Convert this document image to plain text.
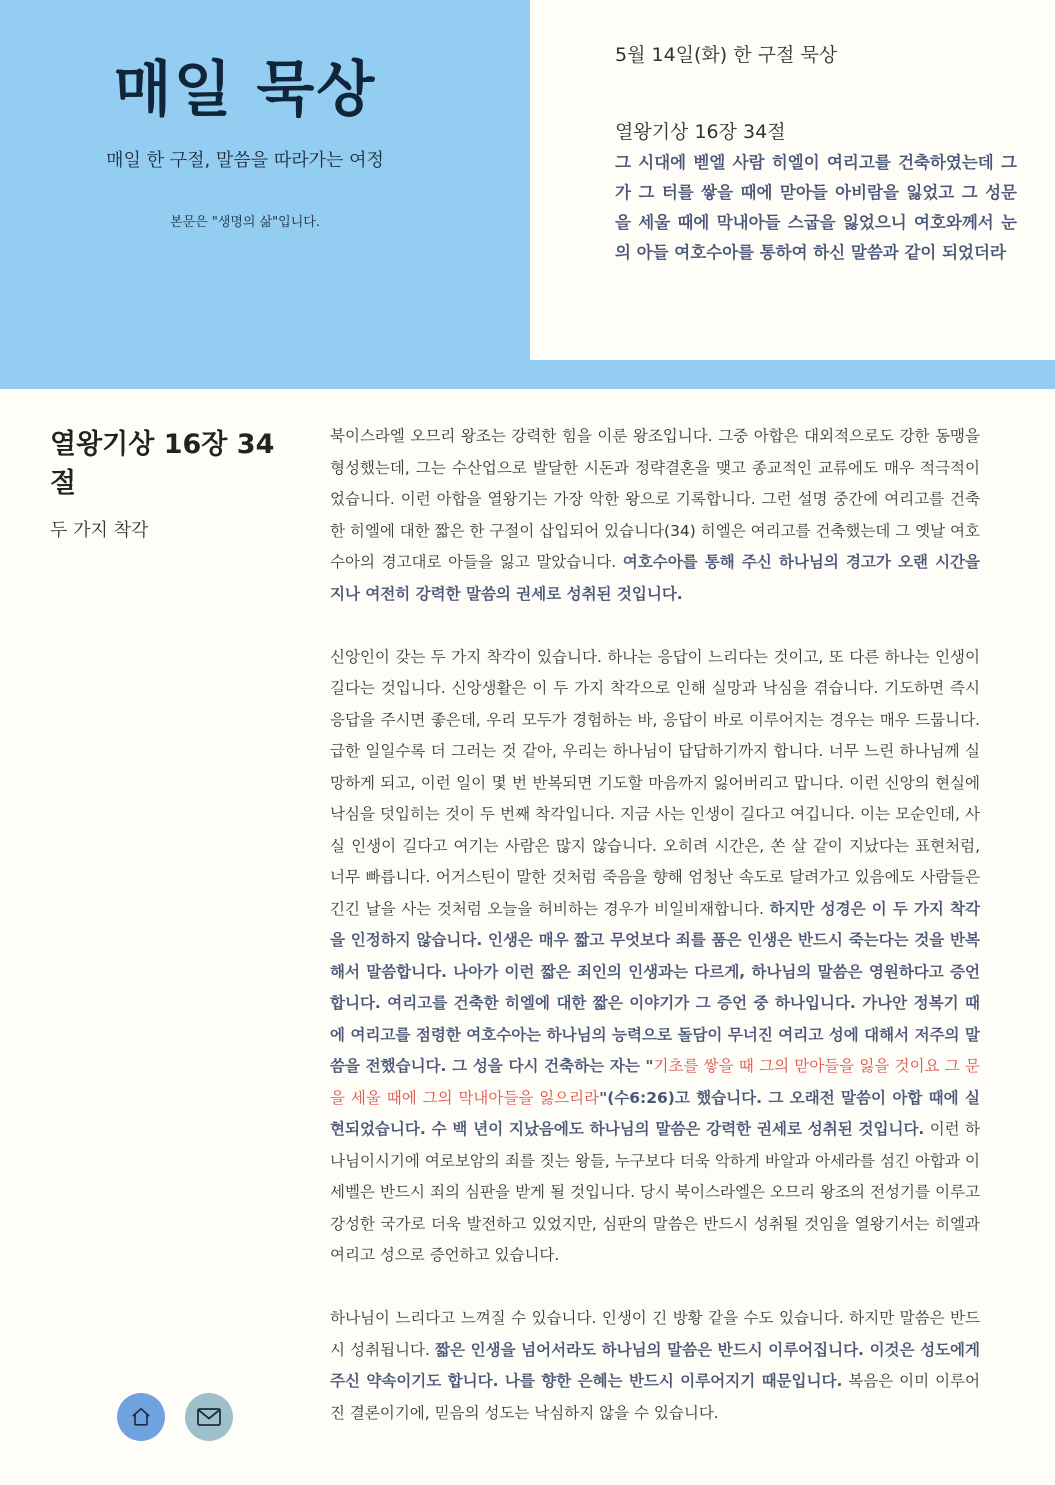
매일 묵상
매일 한 구절, 말씀을 따라가는 여정
본문은 "생명의 삶"입니다.
5월 14일(화) 한 구절 묵상
열왕기상 16장 34절
그 시대에 벧엘 사람 히엘이 여리고를 건축하였는데 그가 그 터를 쌓을 때에 맏아들 아비람을 잃었고 그 성문을 세울 때에 막내아들 스굽을 잃었으니 여호와께서 눈의 아들 여호수아를 통하여 하신 말씀과 같이 되었더라
열왕기상 16장 34절
두 가지 착각

북이스라엘 오므리 왕조는 강력한 힘을 이룬 왕조입니다. 그중 아합은 대외적으로도 강한 동맹을 형성했는데, 그는 수산업으로 발달한 시돈과 정략결혼을 맺고 종교적인 교류에도 매우 적극적이었습니다. 이런 아합을 열왕기는 가장 악한 왕으로 기록합니다. 그런 설명 중간에 여리고를 건축한 히엘에 대한 짧은 한 구절이 삽입되어 있습니다(34) 히엘은 여리고를 건축했는데 그 옛날 여호수아의 경고대로 아들을 잃고 말았습니다. 여호수아를 통해 주신 하나님의 경고가 오랜 시간을 지나 여전히 강력한 말씀의 권세로 성취된 것입니다.

신앙인이 갖는 두 가지 착각이 있습니다. 하나는 응답이 느리다는 것이고, 또 다른 하나는 인생이 길다는 것입니다. 신앙생활은 이 두 가지 착각으로 인해 실망과 낙심을 겪습니다. 기도하면 즉시 응답을 주시면 좋은데, 우리 모두가 경험하는 바, 응답이 바로 이루어지는 경우는 매우 드뭅니다. 급한 일일수록 더 그러는 것 같아, 우리는 하나님이 답답하기까지 합니다. 너무 느린 하나님께 실망하게 되고, 이런 일이 몇 번 반복되면 기도할 마음까지 잃어버리고 맙니다. 이런 신앙의 현실에 낙심을 덧입히는 것이 두 번째 착각입니다. 지금 사는 인생이 길다고 여깁니다. 이는 모순인데, 사실 인생이 길다고 여기는 사람은 많지 않습니다. 오히려 시간은, 쏜 살 같이 지났다는 표현처럼, 너무 빠릅니다. 어거스틴이 말한 것처럼 죽음을 향해 엄청난 속도로 달려가고 있음에도 사람들은 긴긴 날을 사는 것처럼 오늘을 허비하는 경우가 비일비재합니다. 하지만 성경은 이 두 가지 착각을 인정하지 않습니다. 인생은 매우 짧고 무엇보다 죄를 품은 인생은 반드시 죽는다는 것을 반복해서 말씀합니다. 나아가 이런 짧은 죄인의 인생과는 다르게, 하나님의 말씀은 영원하다고 증언합니다. 여리고를 건축한 히엘에 대한 짧은 이야기가 그 증언 중 하나입니다. 가나안 정복기 때에 여리고를 점령한 여호수아는 하나님의 능력으로 돌담이 무너진 여리고 성에 대해서 저주의 말씀을 전했습니다. 그 성을 다시 건축하는 자는 "기초를 쌓을 때 그의 맏아들을 잃을 것이요 그 문을 세울 때에 그의 막내아들을 잃으리라"(수6:26)고 했습니다. 그 오래전 말씀이 아합 때에 실현되었습니다. 수 백 년이 지났음에도 하나님의 말씀은 강력한 권세로 성취된 것입니다. 이런 하나님이시기에 여로보암의 죄를 짓는 왕들, 누구보다 더욱 악하게 바알과 아세라를 섬긴 아합과 이세벨은 반드시 죄의 심판을 받게 될 것입니다. 당시 북이스라엘은 오므리 왕조의 전성기를 이루고 강성한 국가로 더욱 발전하고 있었지만, 심판의 말씀은 반드시 성취될 것임을 열왕기서는 히엘과 여리고 성으로 증언하고 있습니다.

하나님이 느리다고 느껴질 수 있습니다. 인생이 긴 방황 같을 수도 있습니다. 하지만 말씀은 반드시 성취됩니다. 짧은 인생을 넘어서라도 하나님의 말씀은 반드시 이루어집니다. 이것은 성도에게 주신 약속이기도 합니다. 나를 향한 은혜는 반드시 이루어지기 때문입니다. 복음은 이미 이루어진 결론이기에, 믿음의 성도는 낙심하지 않을 수 있습니다.
